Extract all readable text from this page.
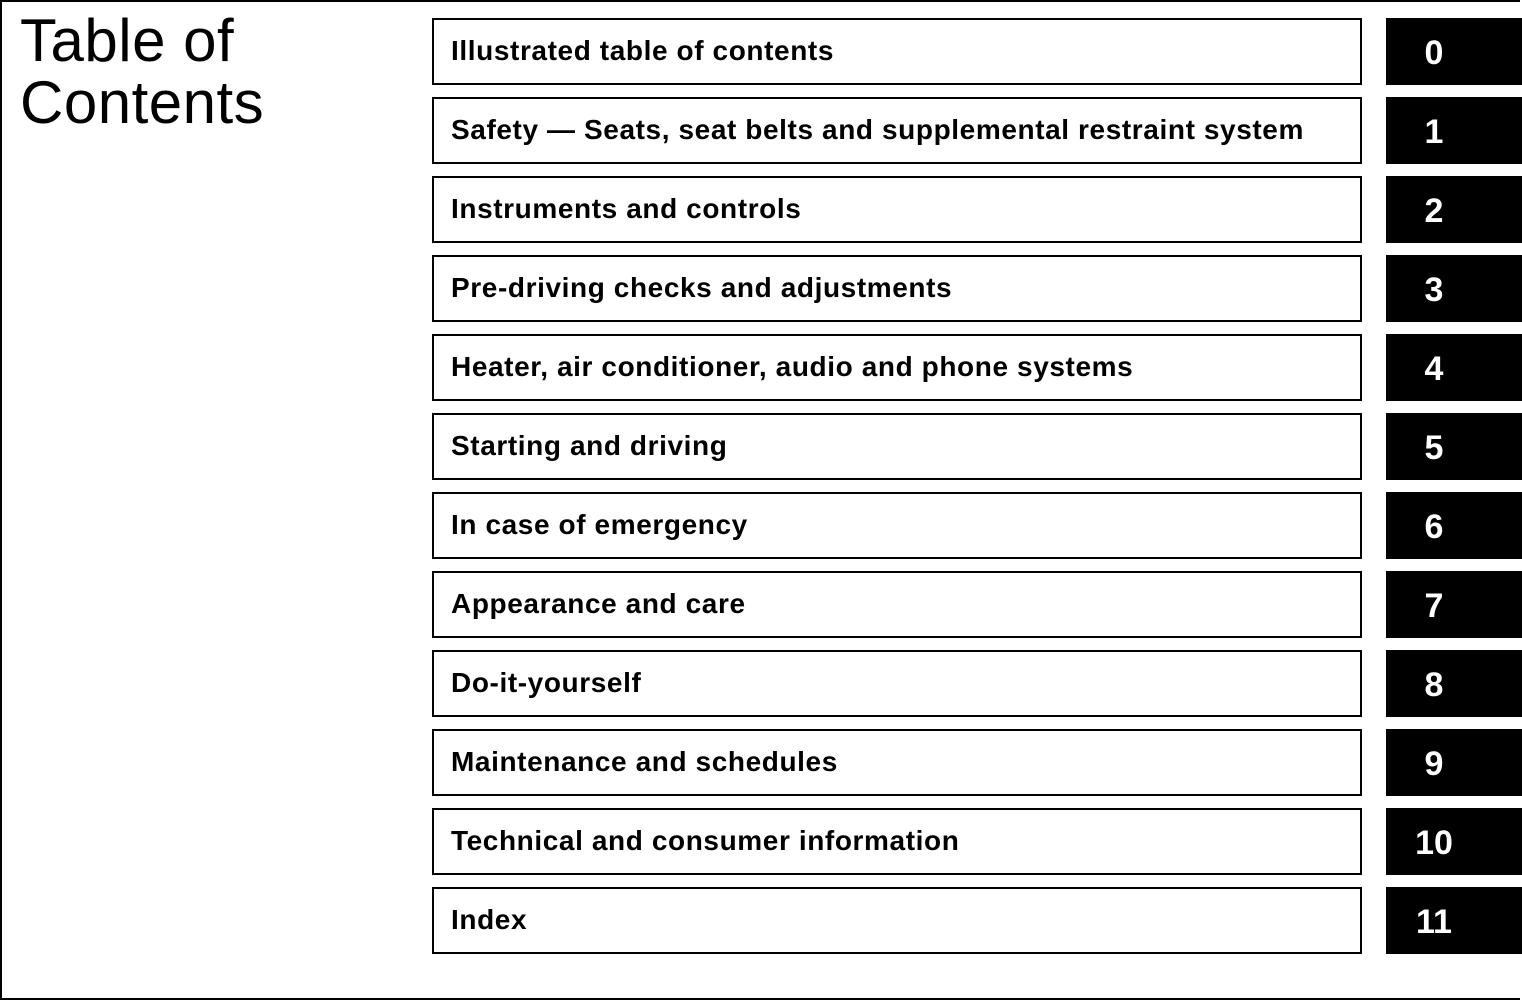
Table of
Contents
Illustrated table of contents	0
Safety — Seats, seat belts and supplemental restraint system	1
Instruments and controls	2
Pre-driving checks and adjustments	3
Heater, air conditioner, audio and phone systems	4
Starting and driving	5
In case of emergency	6
Appearance and care	7
Do-it-yourself	8
Maintenance and schedules	9
Technical and consumer information	10
Index	11
